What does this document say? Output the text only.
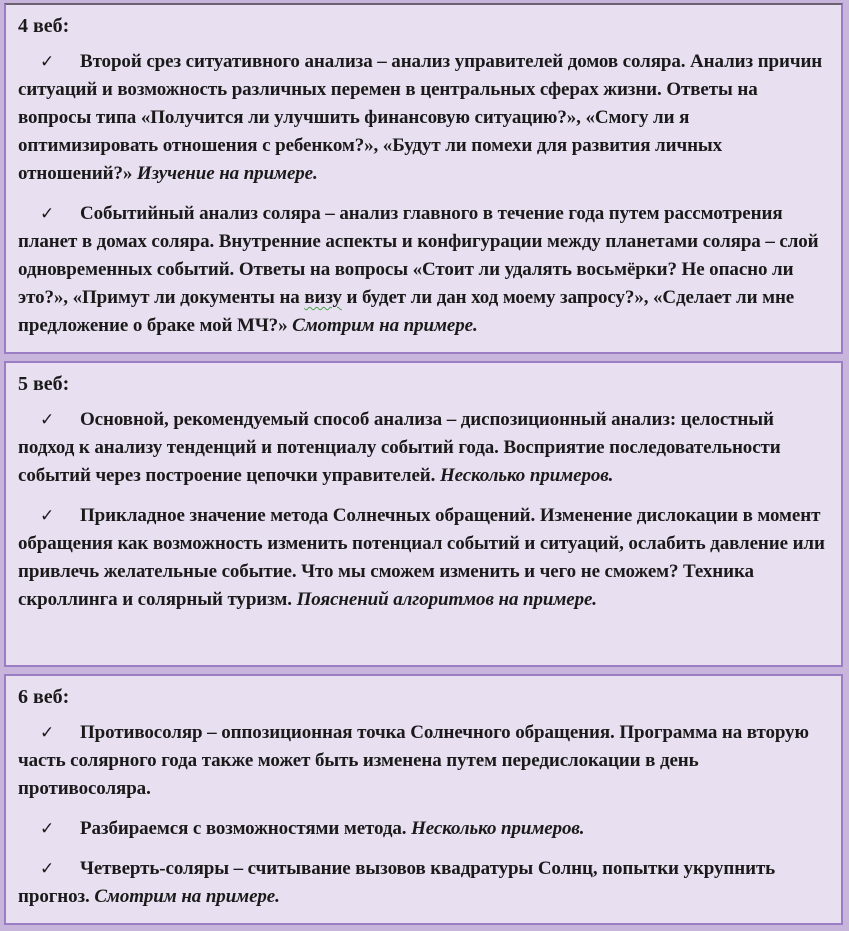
4 веб:

✓ Второй срез ситуативного анализа – анализ управителей домов соляра. Анализ причин ситуаций и возможность различных перемен в центральных сферах жизни. Ответы на вопросы типа «Получится ли улучшить финансовую ситуацию?», «Смогу ли я оптимизировать отношения с ребенком?», «Будут ли помехи для развития личных отношений?» Изучение на примере.

✓ Событийный анализ соляра – анализ главного в течение года путем рассмотрения планет в домах соляра. Внутренние аспекты и конфигурации между планетами соляра – слой одновременных событий. Ответы на вопросы «Стоит ли удалять восьмёрки? Не опасно ли это?», «Примут ли документы на визу и будет ли дан ход моему запросу?», «Сделает ли мне предложение о браке мой МЧ?» Смотрим на примере.

5 веб:

✓ Основной, рекомендуемый способ анализа – диспозиционный анализ: целостный подход к анализу тенденций и потенциалу событий года. Восприятие последовательности событий через построение цепочки управителей. Несколько примеров.

✓ Прикладное значение метода Солнечных обращений. Изменение дислокации в момент обращения как возможность изменить потенциал событий и ситуаций, ослабить давление или привлечь желательные событие. Что мы сможем изменить и чего не сможем? Техника скроллинга и солярный туризм. Пояснений алгоритмов на примере.

6 веб:

✓ Противосоляр – оппозиционная точка Солнечного обращения. Программа на вторую часть солярного года также может быть изменена путем передислокации в день противосоляра.

✓ Разбираемся с возможностями метода. Несколько примеров.

✓ Четверть-соляры – считывание вызовов квадратуры Солнц, попытки укрупнить прогноз. Смотрим на примере.
